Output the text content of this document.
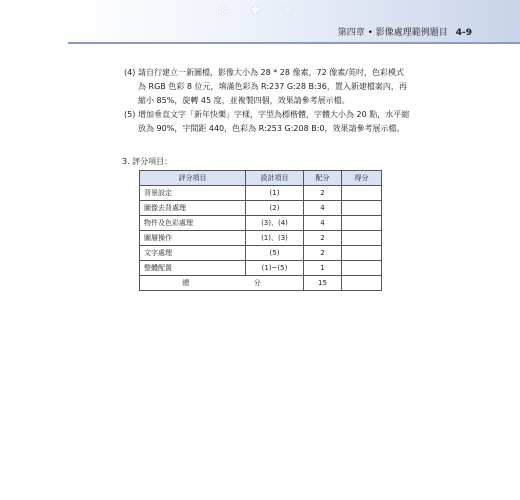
✻ ✱ ✻
第四章 • 影像處理範例題目 4-9
(4) 請自行建立一新圖檔，影像大小為 28 * 28 像素，72 像素/英吋，色彩模式為 RGB 色彩 8 位元，填滿色彩為 R:237 G:28 B:36，置入新建檔案內，再縮小 85%，旋轉 45 度，並複製四個，效果請參考展示檔。
(5) 增加垂直文字「新年快樂」字樣，字型為標楷體，字體大小為 20 點，水平縮放為 90%，字間距 440，色彩為 R:253 G:208 B:0，效果請參考展示檔。
3. 評分項目：
評分項目	設計項目	配分	得分
背景設定	(1)	2	
圖像去背處理	(2)	4	
物件及色彩處理	(3)、(4)	4	
圖層操作	(1)、(3)	2	
文字處理	(5)	2	
整體配置	(1)~(5)	1	
總 分		15	
